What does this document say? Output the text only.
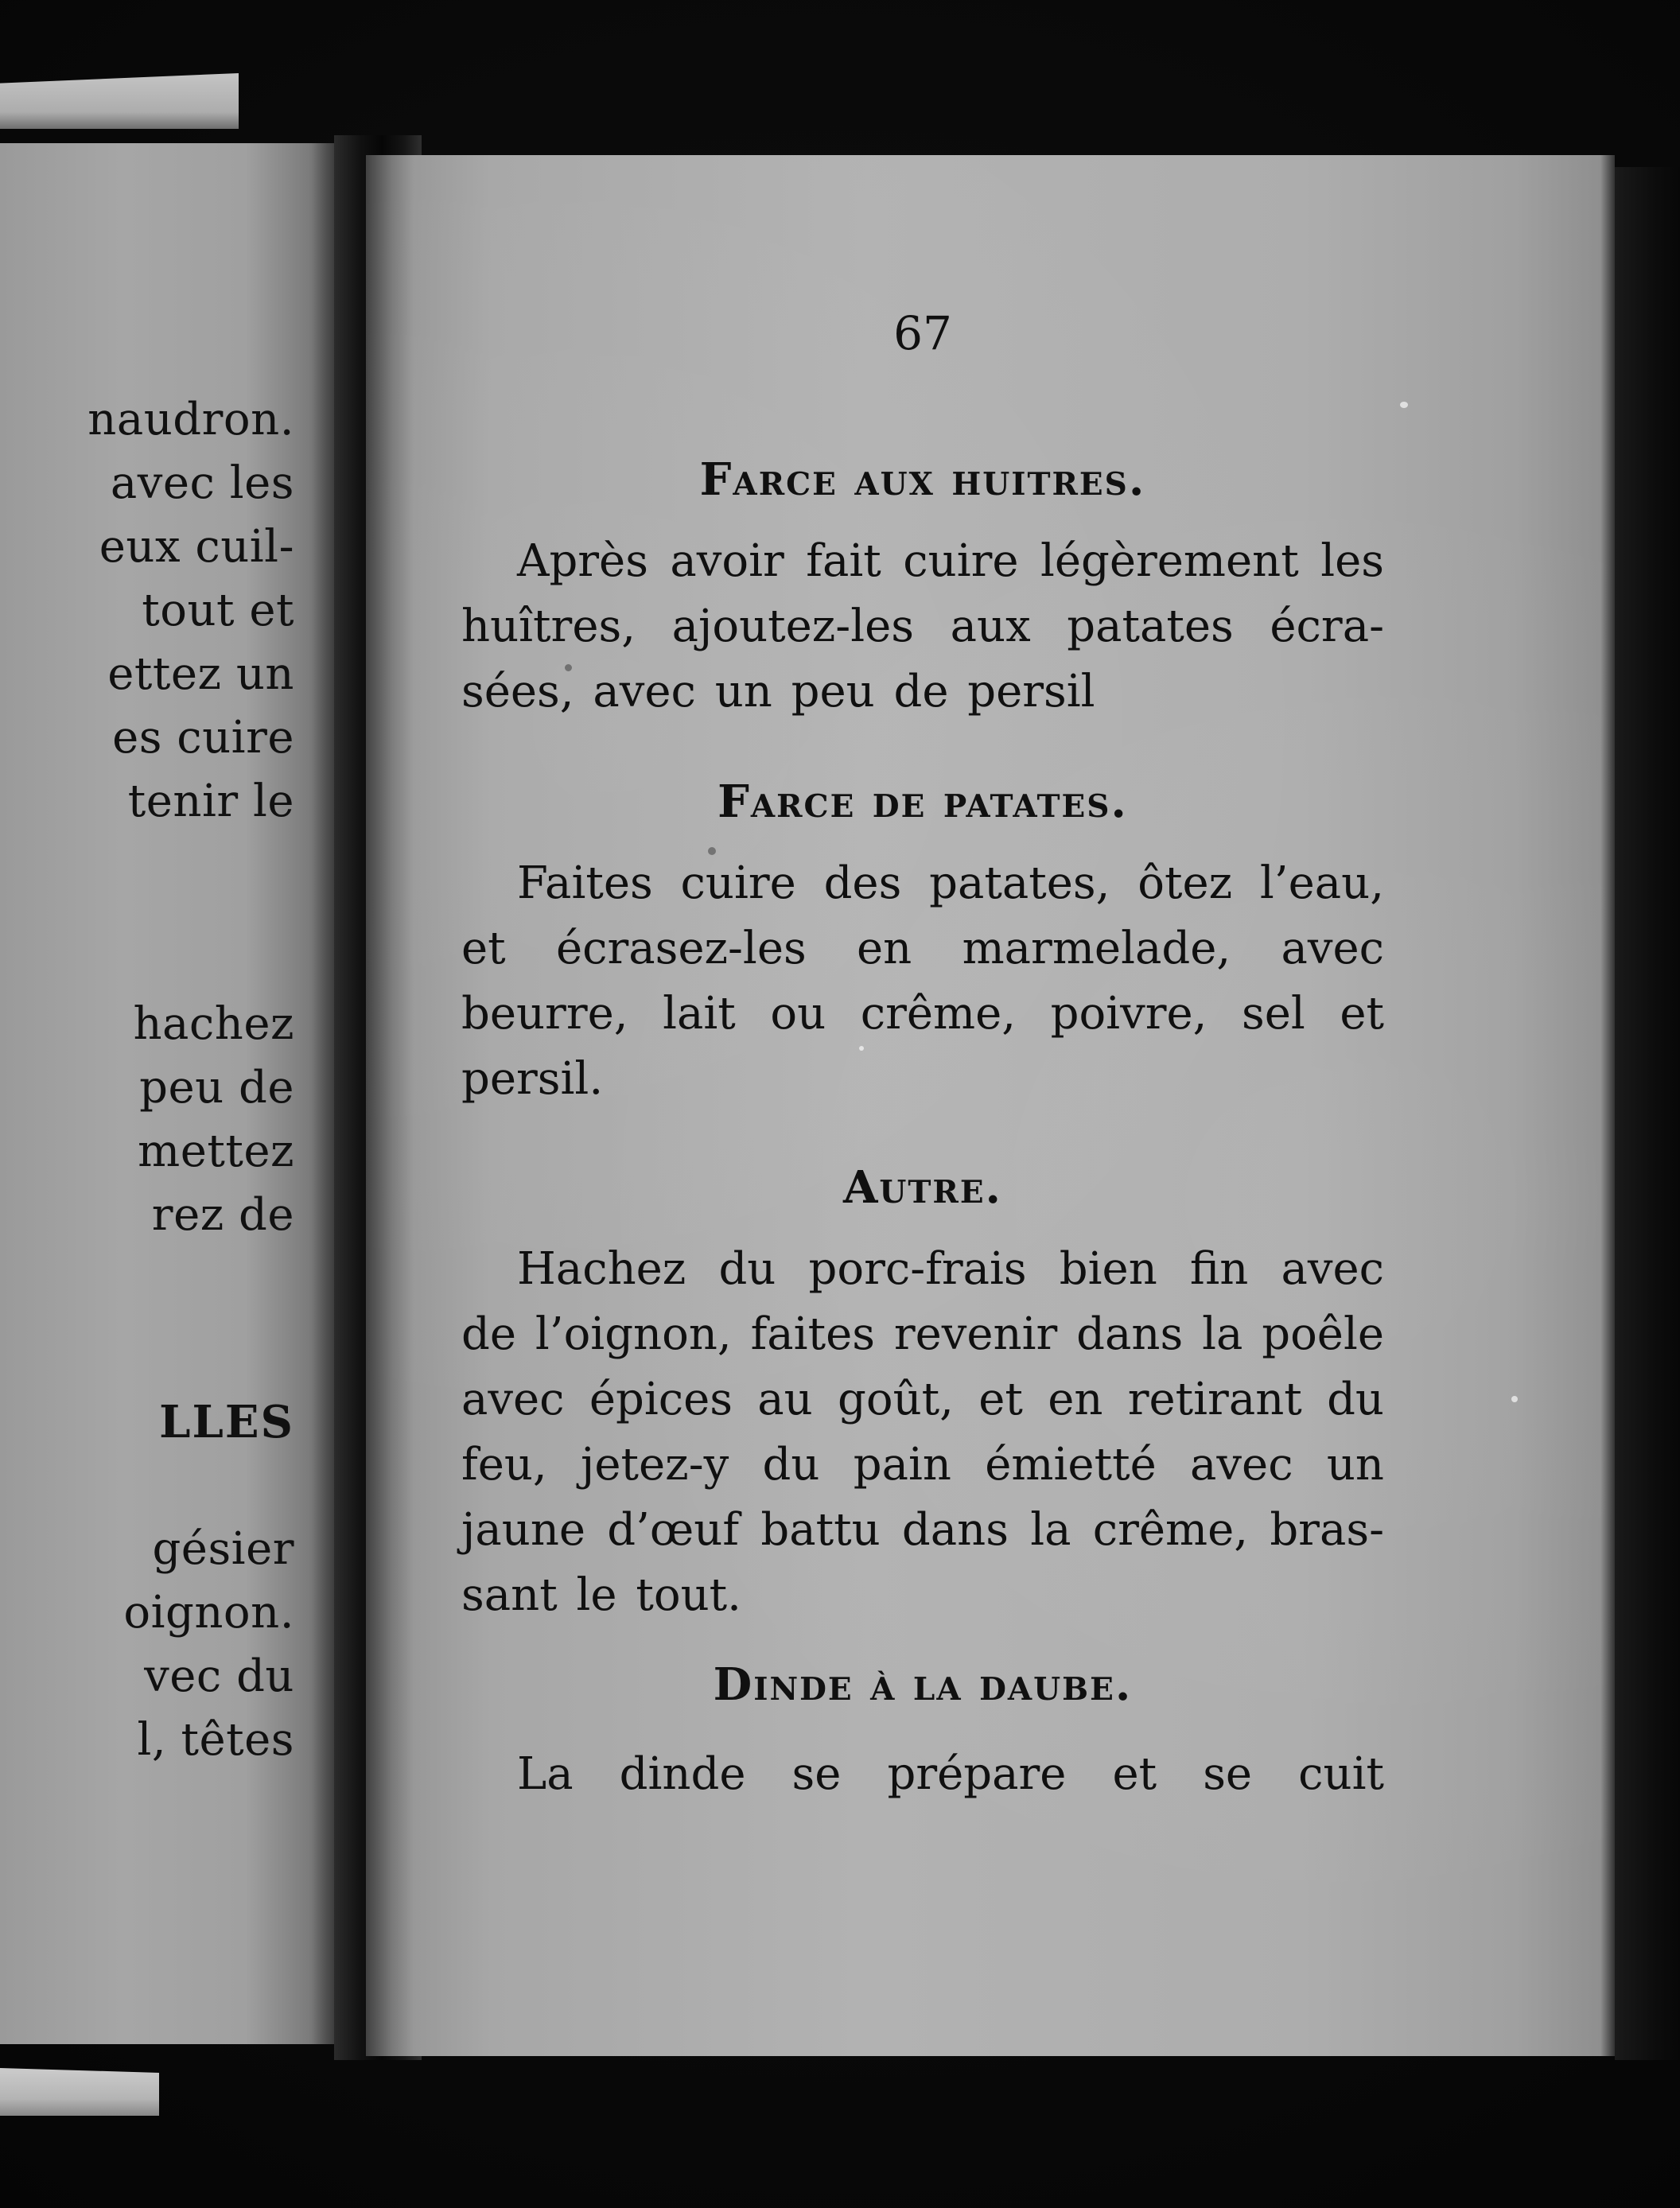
naudron.
avec les
eux cuil-
tout et
ettez un
es cuire
tenir le
hachez
peu de
mettez
rez de
LLES
gésier
oignon.
vec du
l, têtes

67
Farce aux huitres.
Après avoir fait cuire légèrement les
huîtres, ajoutez-les aux patates écra-
sées, avec un peu de persil
Farce de patates.
Faites cuire des patates, ôtez l’eau,
et écrasez-les en marmelade, avec
beurre, lait ou crême, poivre, sel et
persil.
Autre.
Hachez du porc-frais bien fin avec
de l’oignon, faites revenir dans la poêle
avec épices au goût, et en retirant du
feu, jetez-y du pain émietté avec un
jaune d’œuf battu dans la crême, bras-
sant le tout.
Dinde à la daube.
La dinde se prépare et se cuit
